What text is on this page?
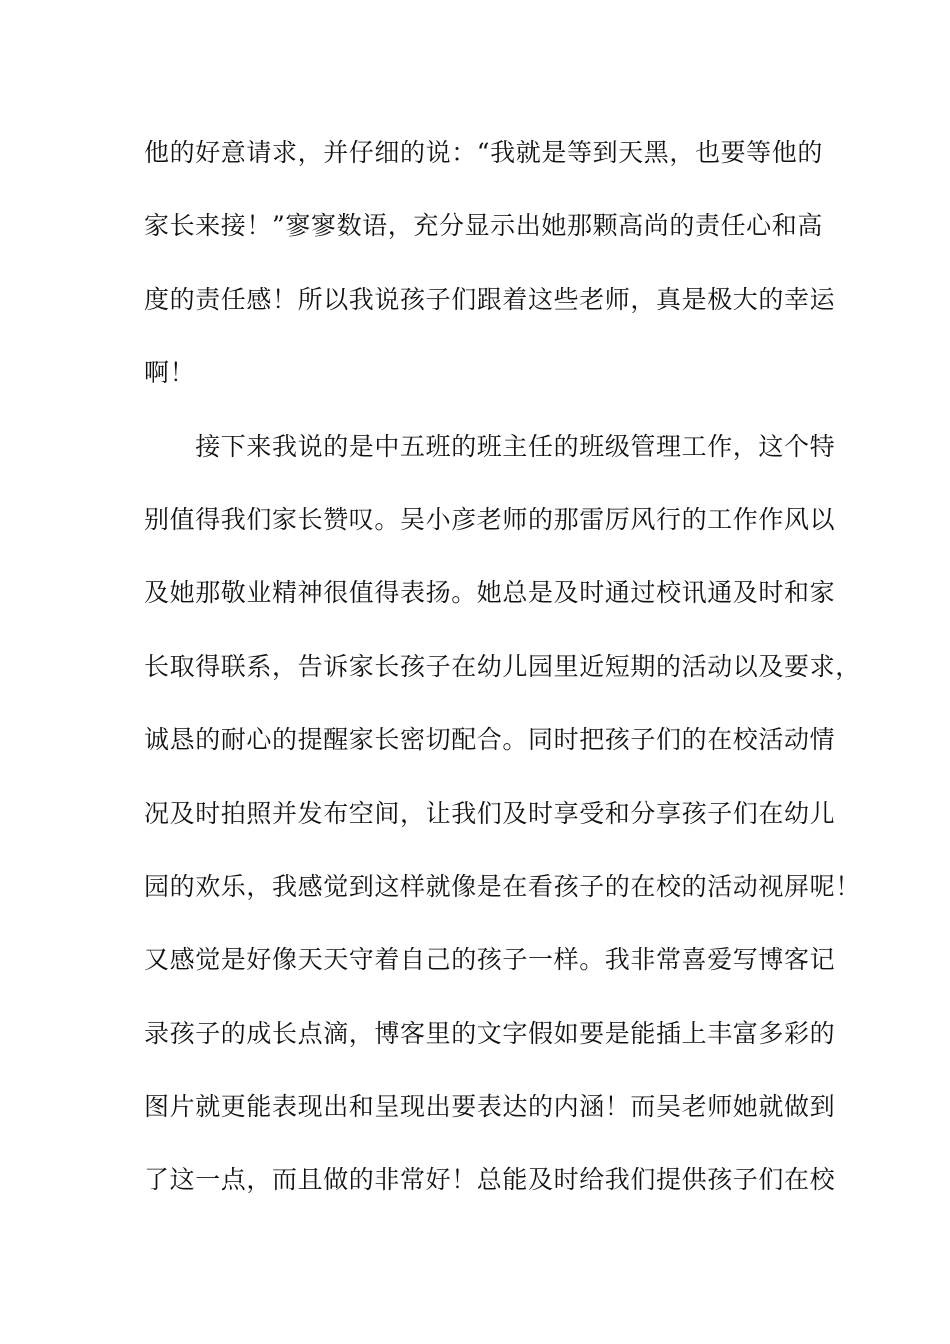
他的好意请求，并仔细的说：“我就是等到天黑，也要等他的
家长来接！”寥寥数语，充分显示出她那颗高尚的责任心和高
度的责任感！所以我说孩子们跟着这些老师，真是极大的幸运
啊！
　　接下来我说的是中五班的班主任的班级管理工作，这个特
别值得我们家长赞叹。吴小彦老师的那雷厉风行的工作作风以
及她那敬业精神很值得表扬。她总是及时通过校讯通及时和家
长取得联系，告诉家长孩子在幼儿园里近短期的活动以及要求，
诚恳的耐心的提醒家长密切配合。同时把孩子们的在校活动情
况及时拍照并发布空间，让我们及时享受和分享孩子们在幼儿
园的欢乐，我感觉到这样就像是在看孩子的在校的活动视屏呢！
又感觉是好像天天守着自己的孩子一样。我非常喜爱写博客记
录孩子的成长点滴，博客里的文字假如要是能插上丰富多彩的
图片就更能表现出和呈现出要表达的内涵！而吴老师她就做到
了这一点，而且做的非常好！总能及时给我们提供孩子们在校
